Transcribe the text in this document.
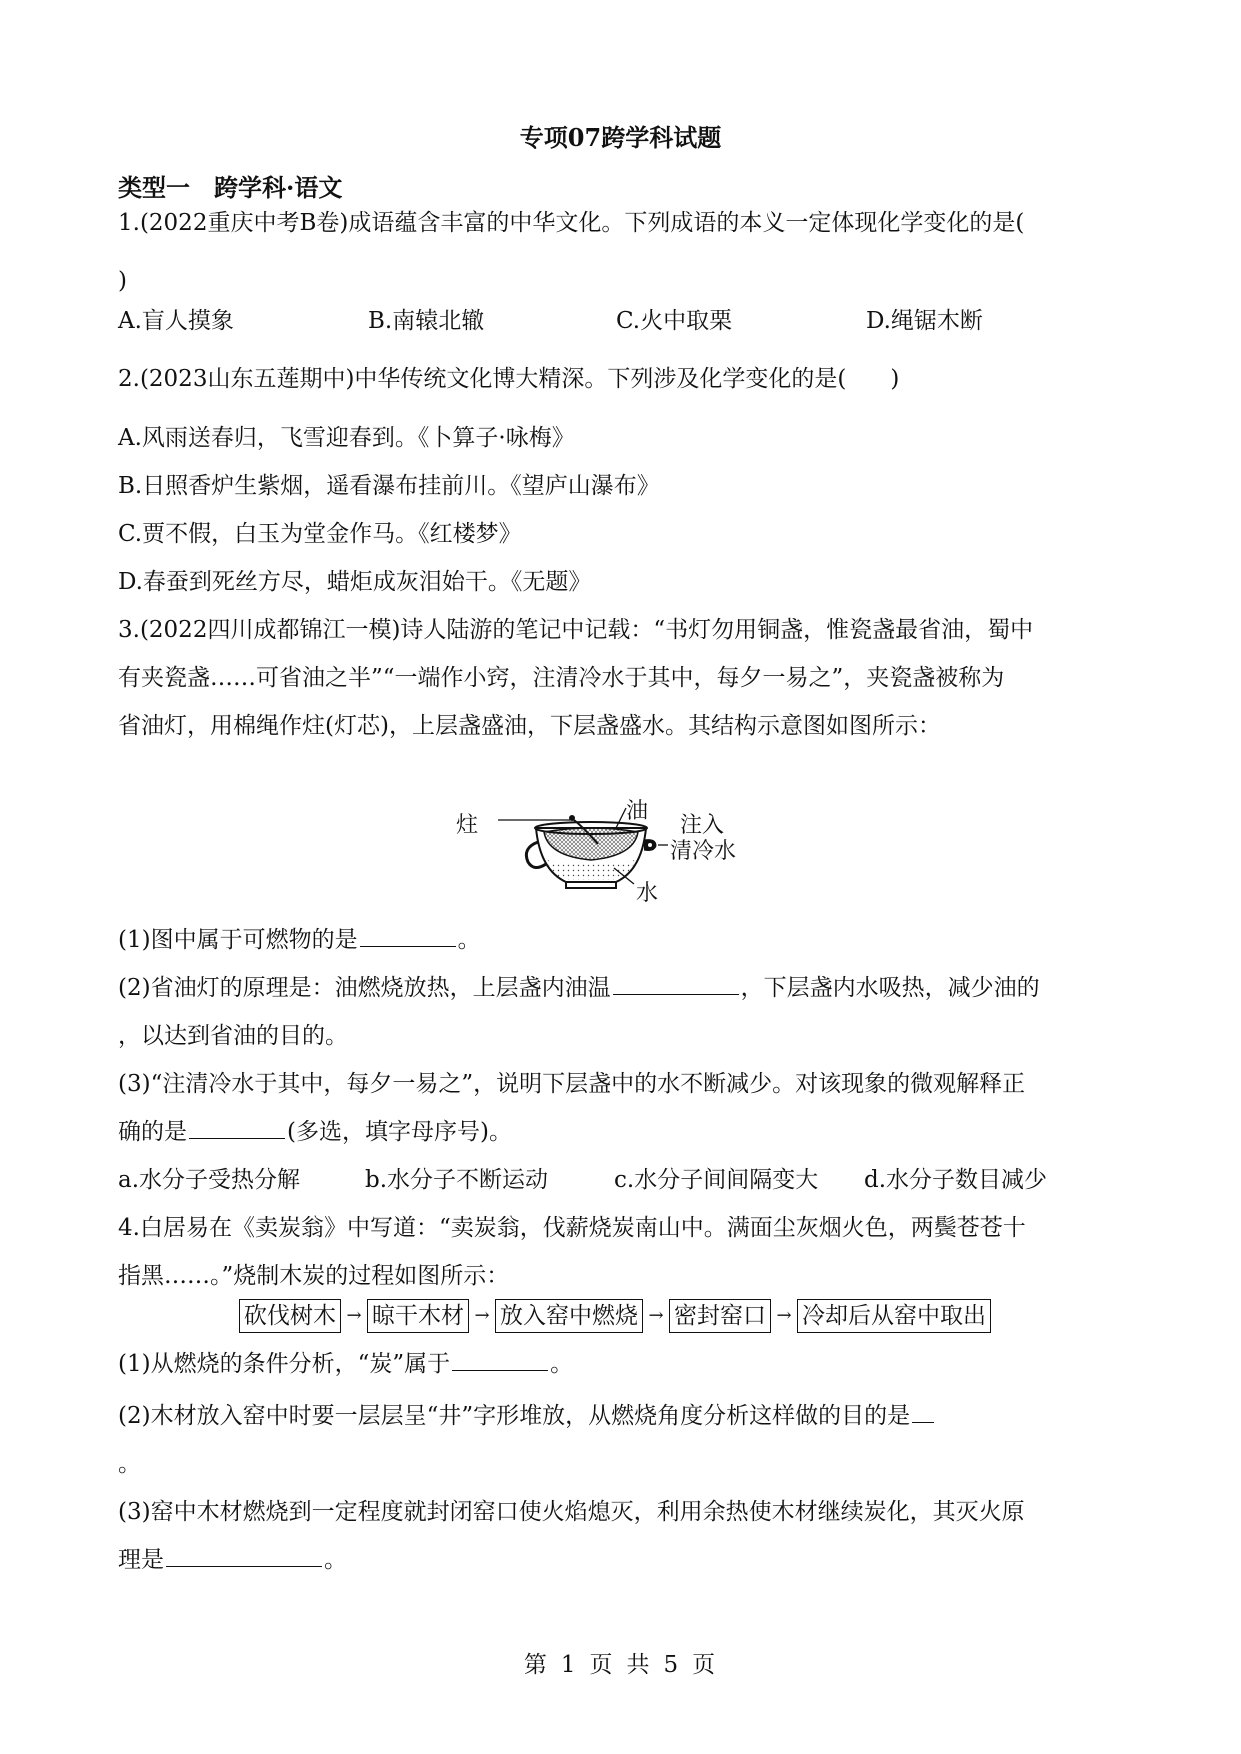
专项07跨学科试题
类型一　跨学科·语文
1.(2022重庆中考B卷)成语蕴含丰富的中华文化。下列成语的本义一定体现化学变化的是(
)
A.盲人摸象	B.南辕北辙	C.火中取栗	D.绳锯木断
2.(2023山东五莲期中)中华传统文化博大精深。下列涉及化学变化的是( )
A.风雨送春归，飞雪迎春到。《卜算子·咏梅》
B.日照香炉生紫烟，遥看瀑布挂前川。《望庐山瀑布》
C.贾不假，白玉为堂金作马。《红楼梦》
D.春蚕到死丝方尽，蜡炬成灰泪始干。《无题》
3.(2022四川成都锦江一模)诗人陆游的笔记中记载：“书灯勿用铜盏，惟瓷盏最省油，蜀中
有夹瓷盏……可省油之半”“一端作小窍，注清冷水于其中，每夕一易之”，夹瓷盏被称为
省油灯，用棉绳作炷(灯芯)，上层盏盛油，下层盏盛水。其结构示意图如图所示：
炷
油
注入
清冷水
水
(1)图中属于可燃物的是	。
(2)省油灯的原理是：油燃烧放热，上层盏内油温	，下层盏内水吸热，减少油的
，以达到省油的目的。
(3)“注清冷水于其中，每夕一易之”，说明下层盏中的水不断减少。对该现象的微观解释正
确的是	(多选，填字母序号)。
a.水分子受热分解	b.水分子不断运动	c.水分子间间隔变大 d.水分子数目减少
4.白居易在《卖炭翁》中写道：“卖炭翁，伐薪烧炭南山中。满面尘灰烟火色，两鬓苍苍十
指黑……。”烧制木炭的过程如图所示：
砍伐树木 → 晾干木材 → 放入窑中燃烧 → 密封窑口 → 冷却后从窑中取出
(1)从燃烧的条件分析，“炭”属于	。
(2)木材放入窑中时要一层层呈“井”字形堆放，从燃烧角度分析这样做的目的是
。
(3)窑中木材燃烧到一定程度就封闭窑口使火焰熄灭，利用余热使木材继续炭化，其灭火原
理是	。
第 1 页 共 5 页
